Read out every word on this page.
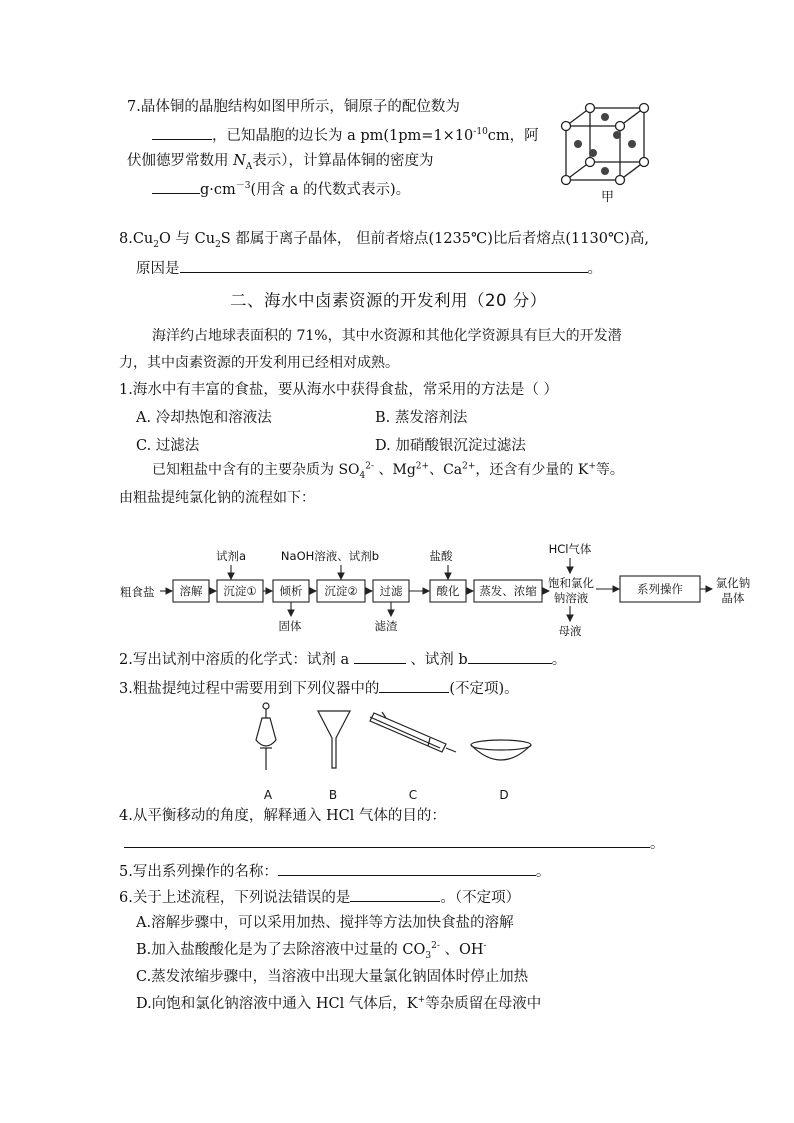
7.晶体铜的晶胞结构如图甲所示，铜原子的配位数为
，已知晶胞的边长为 a $pm(1pm=1\times 10^{-10}cm$，阿
伏伽德罗常数用 $N_A$表示），计算晶体铜的密度为
$g\cdot cm^{-3}$(用含 a 的代数式表示)。	甲
$8.Cu_2O$ 与 $Cu_2S$ 都属于离子晶体， 但前者熔点(1235℃)比后者熔点(1130℃)高,
原因是	。
二、海水中卤素资源的开发利用（20 分）
海洋约占地球表面积的 71%，其中水资源和其他化学资源具有巨大的开发潜
力，其中卤素资源的开发利用已经相对成熟。
1.海水中有丰富的食盐，要从海水中获得食盐，常采用的方法是（ ）
A. 冷却热饱和溶液法	B. 蒸发溶剂法
C. 过滤法	D. 加硝酸银沉淀过滤法
已知粗盐中含有的主要杂质为 $SO_4^{2-}$ 、$Mg^{2+}$、$Ca^{2+}$，还含有少量的 K+等。
由粗盐提纯氯化钠的流程如下：
粗食盐 溶解 沉淀① 倾析 沉淀② 过滤	酸化 蒸发、浓缩	系列操作
试剂a	NaOH溶液、试剂b	盐酸	HCl气体
饱和氯化
钠溶液
固体	滤渣	母液
氯化钠
晶体
2.写出试剂中溶质的化学式：试剂 a	、试剂 b	。
3.粗盐提纯过程中需要用到下列仪器中的	(不定项)。
A	B	C	D
4.从平衡移动的角度，解释通入 HCl 气体的目的：
。
5.写出系列操作的名称：	。
6.关于上述流程，下列说法错误的是	。（不定项）
A.溶解步骤中，可以采用加热、搅拌等方法加快食盐的溶解
B.加入盐酸酸化是为了去除溶液中过量的 $CO_3^{2-}$ 、OH-
C.蒸发浓缩步骤中，当溶液中出现大量氯化钠固体时停止加热
D.向饱和氯化钠溶液中通入 HCl 气体后，K+等杂质留在母液中
